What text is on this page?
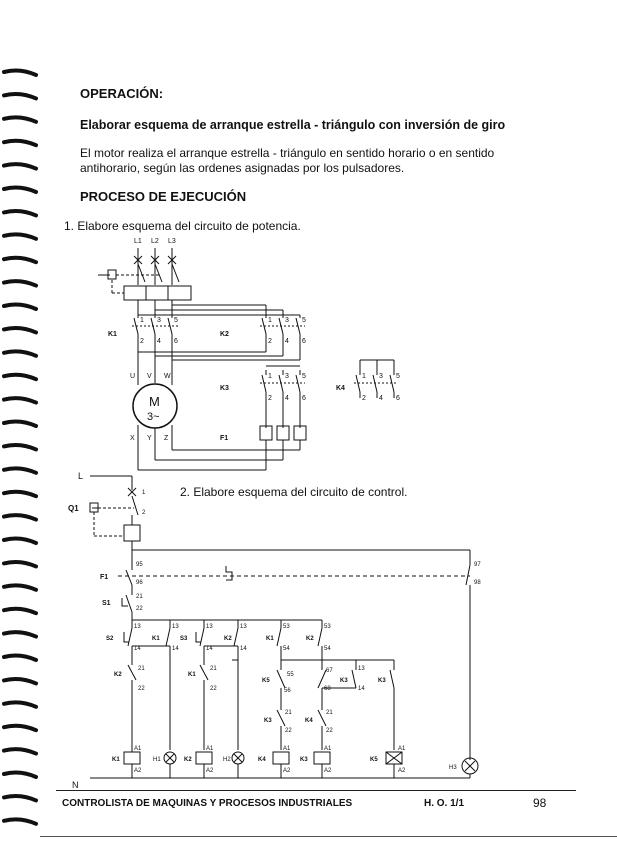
OPERACIÓN:
Elaborar esquema de arranque estrella - triángulo con inversión de giro
El motor realiza el arranque estrella - triángulo en sentido horario o en sentido antihorario, según las ordenes asignadas por los pulsadores.
PROCESO DE EJECUCIÓN
1. Elabore esquema del circuito de potencia.
2. Elabore esquema del circuito de control.
L1 L2 L3
K1	K2
K3	K4
F1
M
3~
U V W
X Y Z
1 3 5
2 4 6
1 3 5
2 4 6
1 3 5
2 4 6
1 3 5
2 4 6
L
N
Q1
F1
S1
S2	S3
K1	K2	K1	K2
K2	K1
K5	K3	K3
K3	K4
K1	K2	K4	K3	K5
H1	H2
H3
A1
A2
A1
A2
A1
A2
A1
A2
A1
A2
1
2
95
96
97
98
21
22
13
14
13
14
13
14
13
14
53
54
53
54
21
22
21
22
55
56
67
68
13
14
21
22
21
22
CONTROLISTA DE MAQUINAS Y PROCESOS INDUSTRIALES	H. O. 1/1	98
